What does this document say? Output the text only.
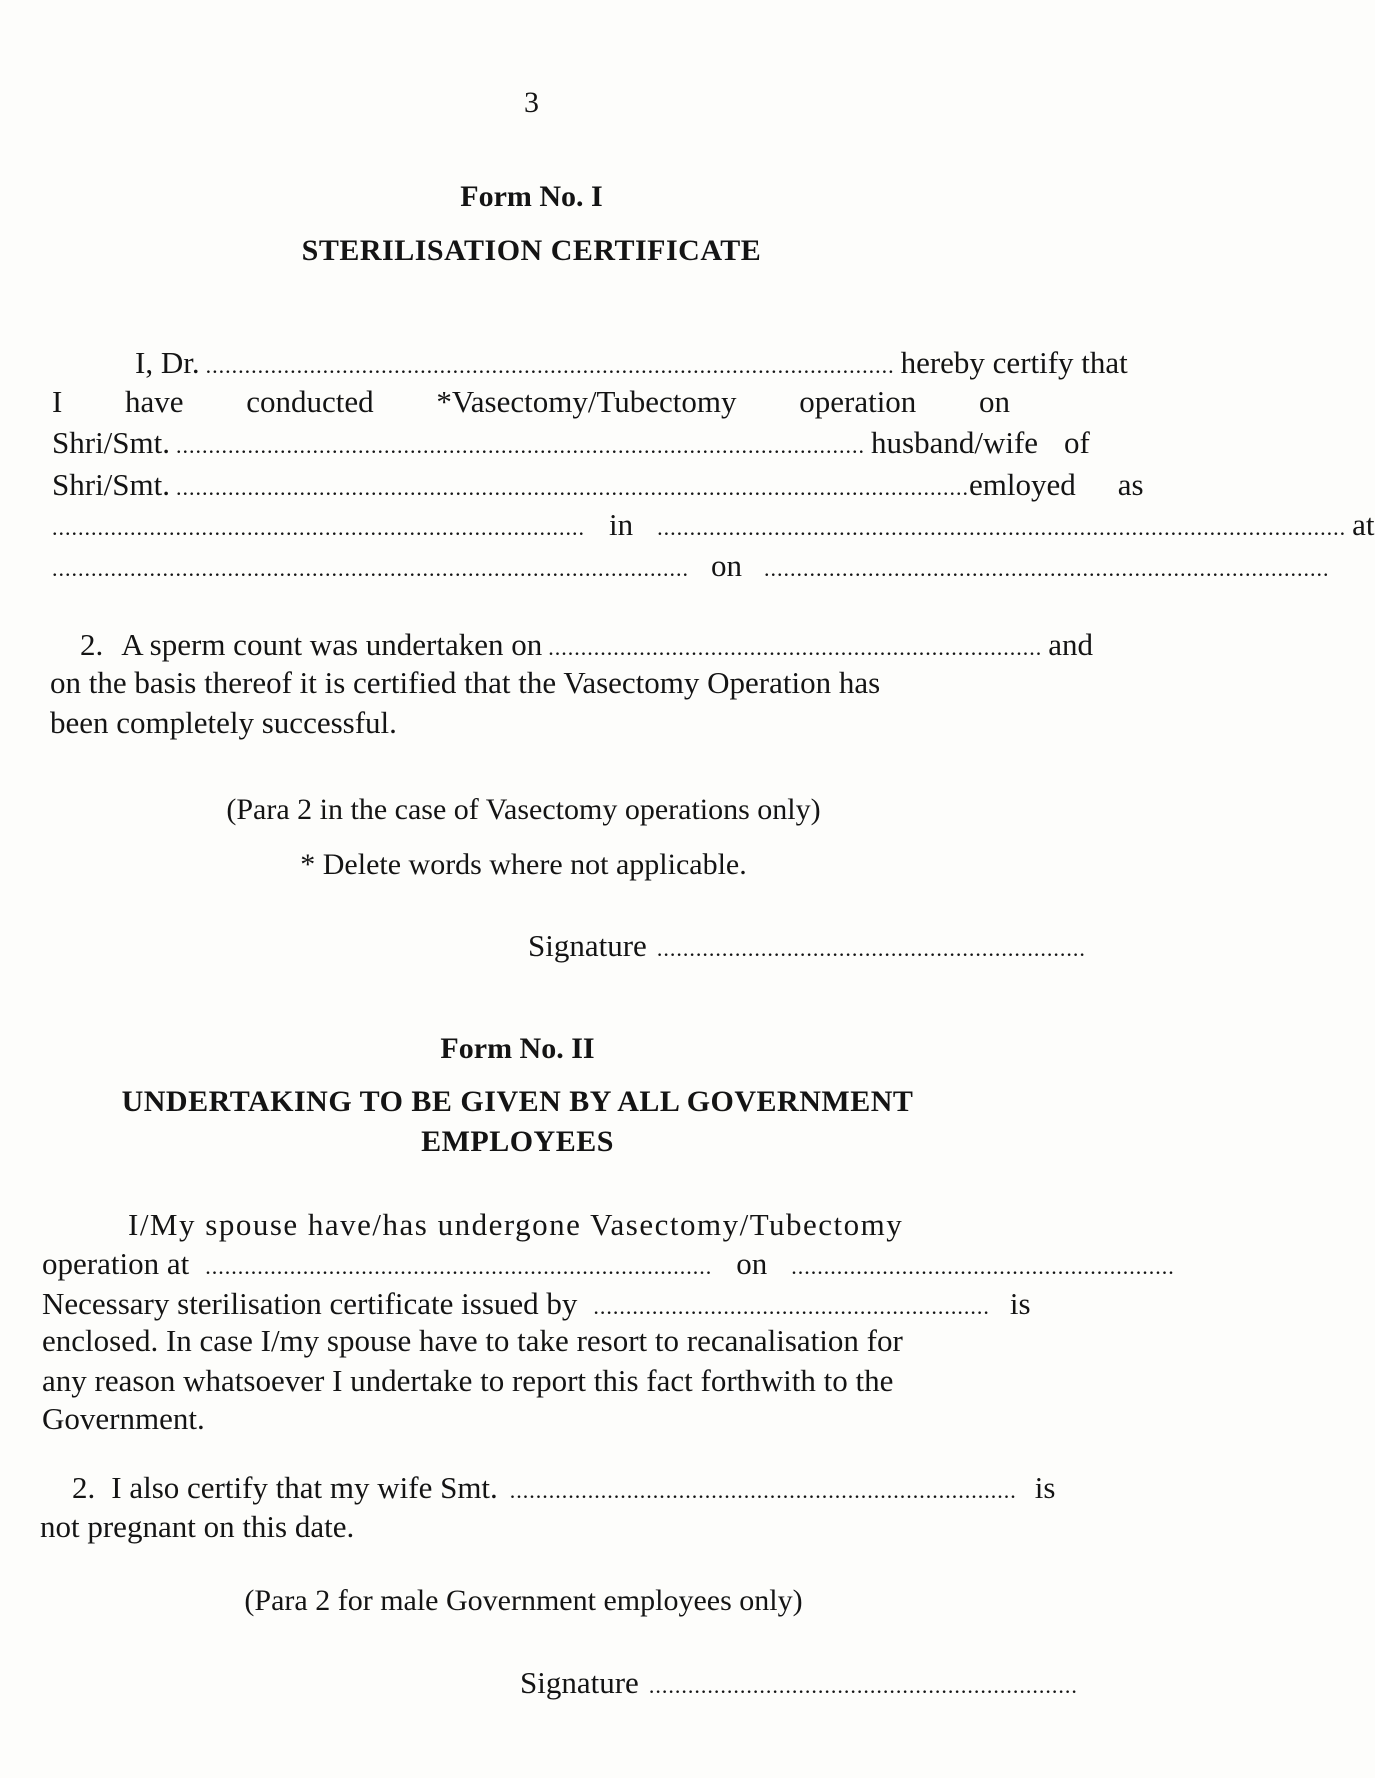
3
Form No. I
STERILISATION CERTIFICATE
I, Dr. .......................................................................................................... hereby certify that
I have conducted *Vasectomy/Tubectomy operation on
Shri/Smt. .......................................................................................................... husband/wife of
Shri/Smt. .......................................................................................................................... emloyed as
.................................................................................. in .......................................................................................................... at
.................................................................................................. on .......................................................................................
2. A sperm count was undertaken on ............................................................................ and
on the basis thereof it is certified that the Vasectomy Operation has
been completely successful.
(Para 2 in the case of Vasectomy operations only)
* Delete words where not applicable.
Signature ..................................................................
Form No. II
UNDERTAKING TO BE GIVEN BY ALL GOVERNMENT
EMPLOYEES
I/My spouse have/has undergone Vasectomy/Tubectomy
operation at .............................................................................. on ...........................................................
Necessary sterilisation certificate issued by ............................................................. is
enclosed. In case I/my spouse have to take resort to recanalisation for
any reason whatsoever I undertake to report this fact forthwith to the
Government.
2. I also certify that my wife Smt. .............................................................................. is
not pregnant on this date.
(Para 2 for male Government employees only)
Signature ..................................................................
